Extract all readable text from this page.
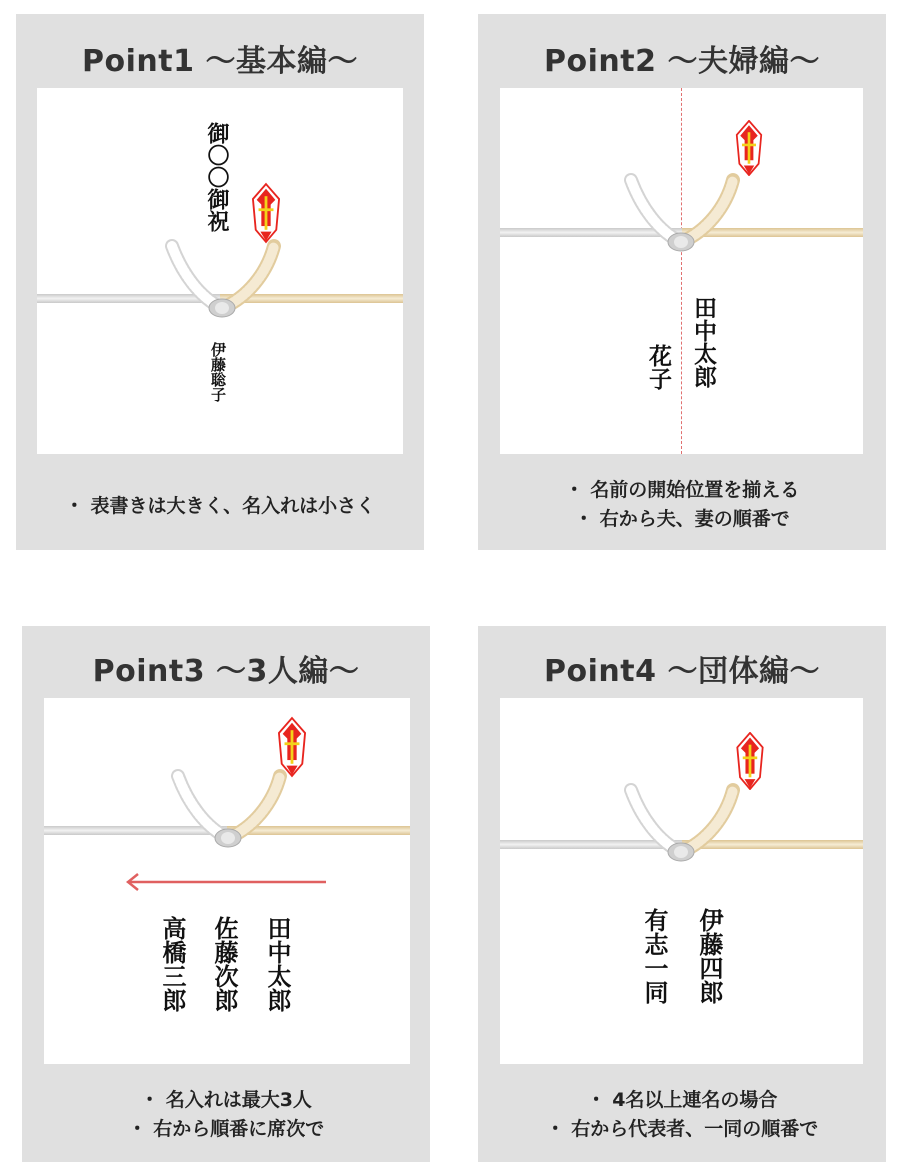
Point1 〜基本編〜
御〇〇御祝
伊藤聡子
・ 表書きは大きく、名入れは小さく
Point2 〜夫婦編〜
田中太郎
花子
・ 名前の開始位置を揃える
・ 右から夫、妻の順番で
Point3 〜3人編〜
田中太郎
佐藤次郎
高橋三郎
・ 名入れは最大3人
・ 右から順番に席次で
Point4 〜団体編〜
伊藤四郎
有志一同
・ 4名以上連名の場合
・ 右から代表者、一同の順番で
